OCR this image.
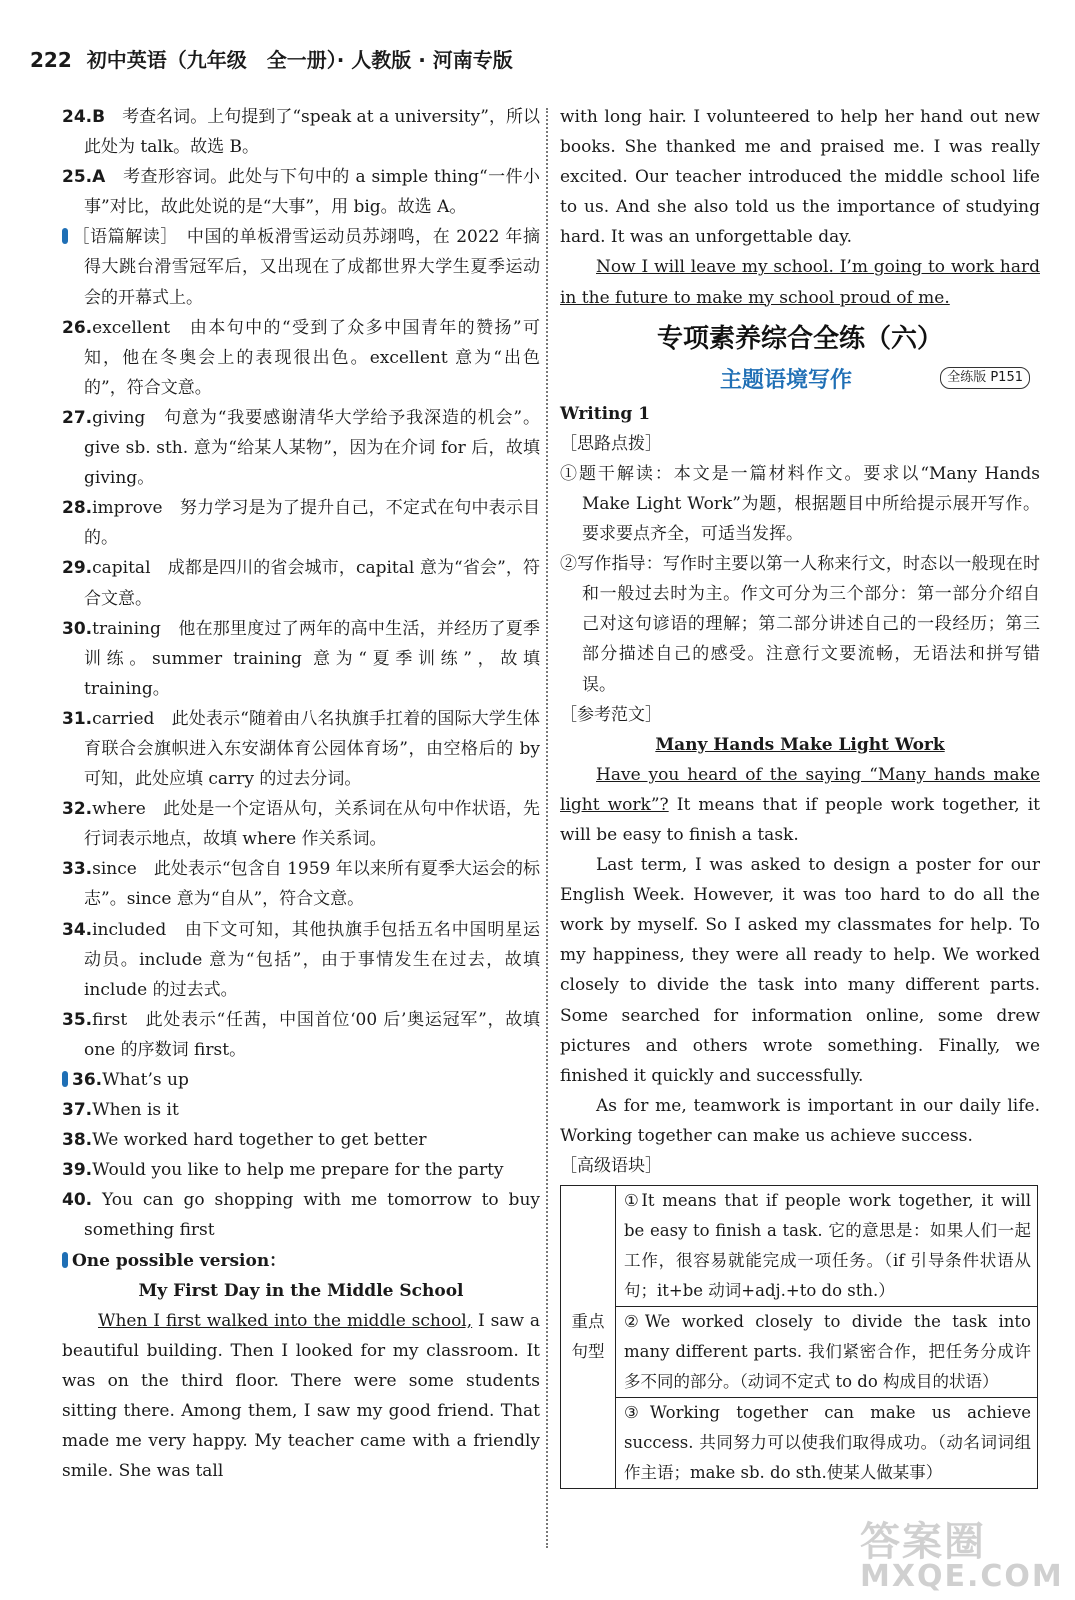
222 初中英语（九年级　全一册）· 人教版 · 河南专版

24.B　考查名词。上句提到了“speak at a university”，所以此处为 talk。故选 B。

25.A　考查形容词。此处与下句中的 a simple thing“一件小事”对比，故此处说的是“大事”，用 big。故选 A。

Ⅲ ［语篇解读］　中国的单板滑雪运动员苏翊鸣，在 2022 年摘得大跳台滑雪冠军后，又出现在了成都世界大学生夏季运动会的开幕式上。

26.excellent　由本句中的“受到了众多中国青年的赞扬”可知，他在冬奥会上的表现很出色。excellent 意为“出色的”，符合文意。

27.giving　句意为“我要感谢清华大学给予我深造的机会”。give sb. sth. 意为“给某人某物”，因为在介词 for 后，故填 giving。

28.improve　努力学习是为了提升自己，不定式在句中表示目的。

29.capital　成都是四川的省会城市，capital 意为“省会”，符合文意。

30.training　他在那里度过了两年的高中生活，并经历了夏季训练。summer training 意为“夏季训练”，故填 training。

31.carried　此处表示“随着由八名执旗手扛着的国际大学生体育联合会旗帜进入东安湖体育公园体育场”，由空格后的 by 可知，此处应填 carry 的过去分词。

32.where　此处是一个定语从句，关系词在从句中作状语，先行词表示地点，故填 where 作关系词。

33.since　此处表示“包含自 1959 年以来所有夏季大运会的标志”。since 意为“自从”，符合文意。

34.included　由下文可知，其他执旗手包括五名中国明星运动员。include 意为“包括”，由于事情发生在过去，故填 include 的过去式。

35.first　此处表示“任茜，中国首位‘00 后’奥运冠军”，故填 one 的序数词 first。

Ⅳ 36.What’s up

37.When is it

38.We worked hard together to get better

39.Would you like to help me prepare for the party

40. You can go shopping with me tomorrow to buy something first

Ⅴ One possible version：

My First Day in the Middle School

When I first walked into the middle school, I saw a beautiful building. Then I looked for my classroom. It was on the third floor. There were some students sitting there. Among them, I saw my good friend. That made me very happy. My teacher came with a friendly smile. She was tall

with long hair. I volunteered to help her hand out new books. She thanked me and praised me. I was really excited. Our teacher introduced the middle school life to us. And she also told us the importance of studying hard. It was an unforgettable day.

Now I will leave my school. I’m going to work hard in the future to make my school proud of me.

专项素养综合全练（六）
主题语境写作	全练版 P151

Writing 1

［思路点拨］

①题干解读：本文是一篇材料作文。要求以“Many Hands Make Light Work”为题，根据题目中所给提示展开写作。要求要点齐全，可适当发挥。

②写作指导：写作时主要以第一人称来行文，时态以一般现在时和一般过去时为主。作文可分为三个部分：第一部分介绍自己对这句谚语的理解；第二部分讲述自己的一段经历；第三部分描述自己的感受。注意行文要流畅，无语法和拼写错误。

［参考范文］

Many Hands Make Light Work

Have you heard of the saying “Many hands make light work”? It means that if people work together, it will be easy to finish a task.

Last term, I was asked to design a poster for our English Week. However, it was too hard to do all the work by myself. So I asked my classmates for help. To my happiness, they were all ready to help. We worked closely to divide the task into many different parts. Some searched for information online, some drew pictures and others wrote something. Finally, we finished it quickly and successfully.

As for me, teamwork is important in our daily life. Working together can make us achieve success.

［高级语块］

重点句型	①It means that if people work together, it will be easy to finish a task. 它的意思是：如果人们一起工作，很容易就能完成一项任务。（if 引导条件状语从句；it+be 动词+adj.+to do sth.）
②We worked closely to divide the task into many different parts. 我们紧密合作，把任务分成许多不同的部分。（动词不定式 to do 构成目的状语）
③Working together can make us achieve success. 共同努力可以使我们取得成功。（动名词词组作主语；make sb. do sth.使某人做某事）
答案圈
MXQE.COM
